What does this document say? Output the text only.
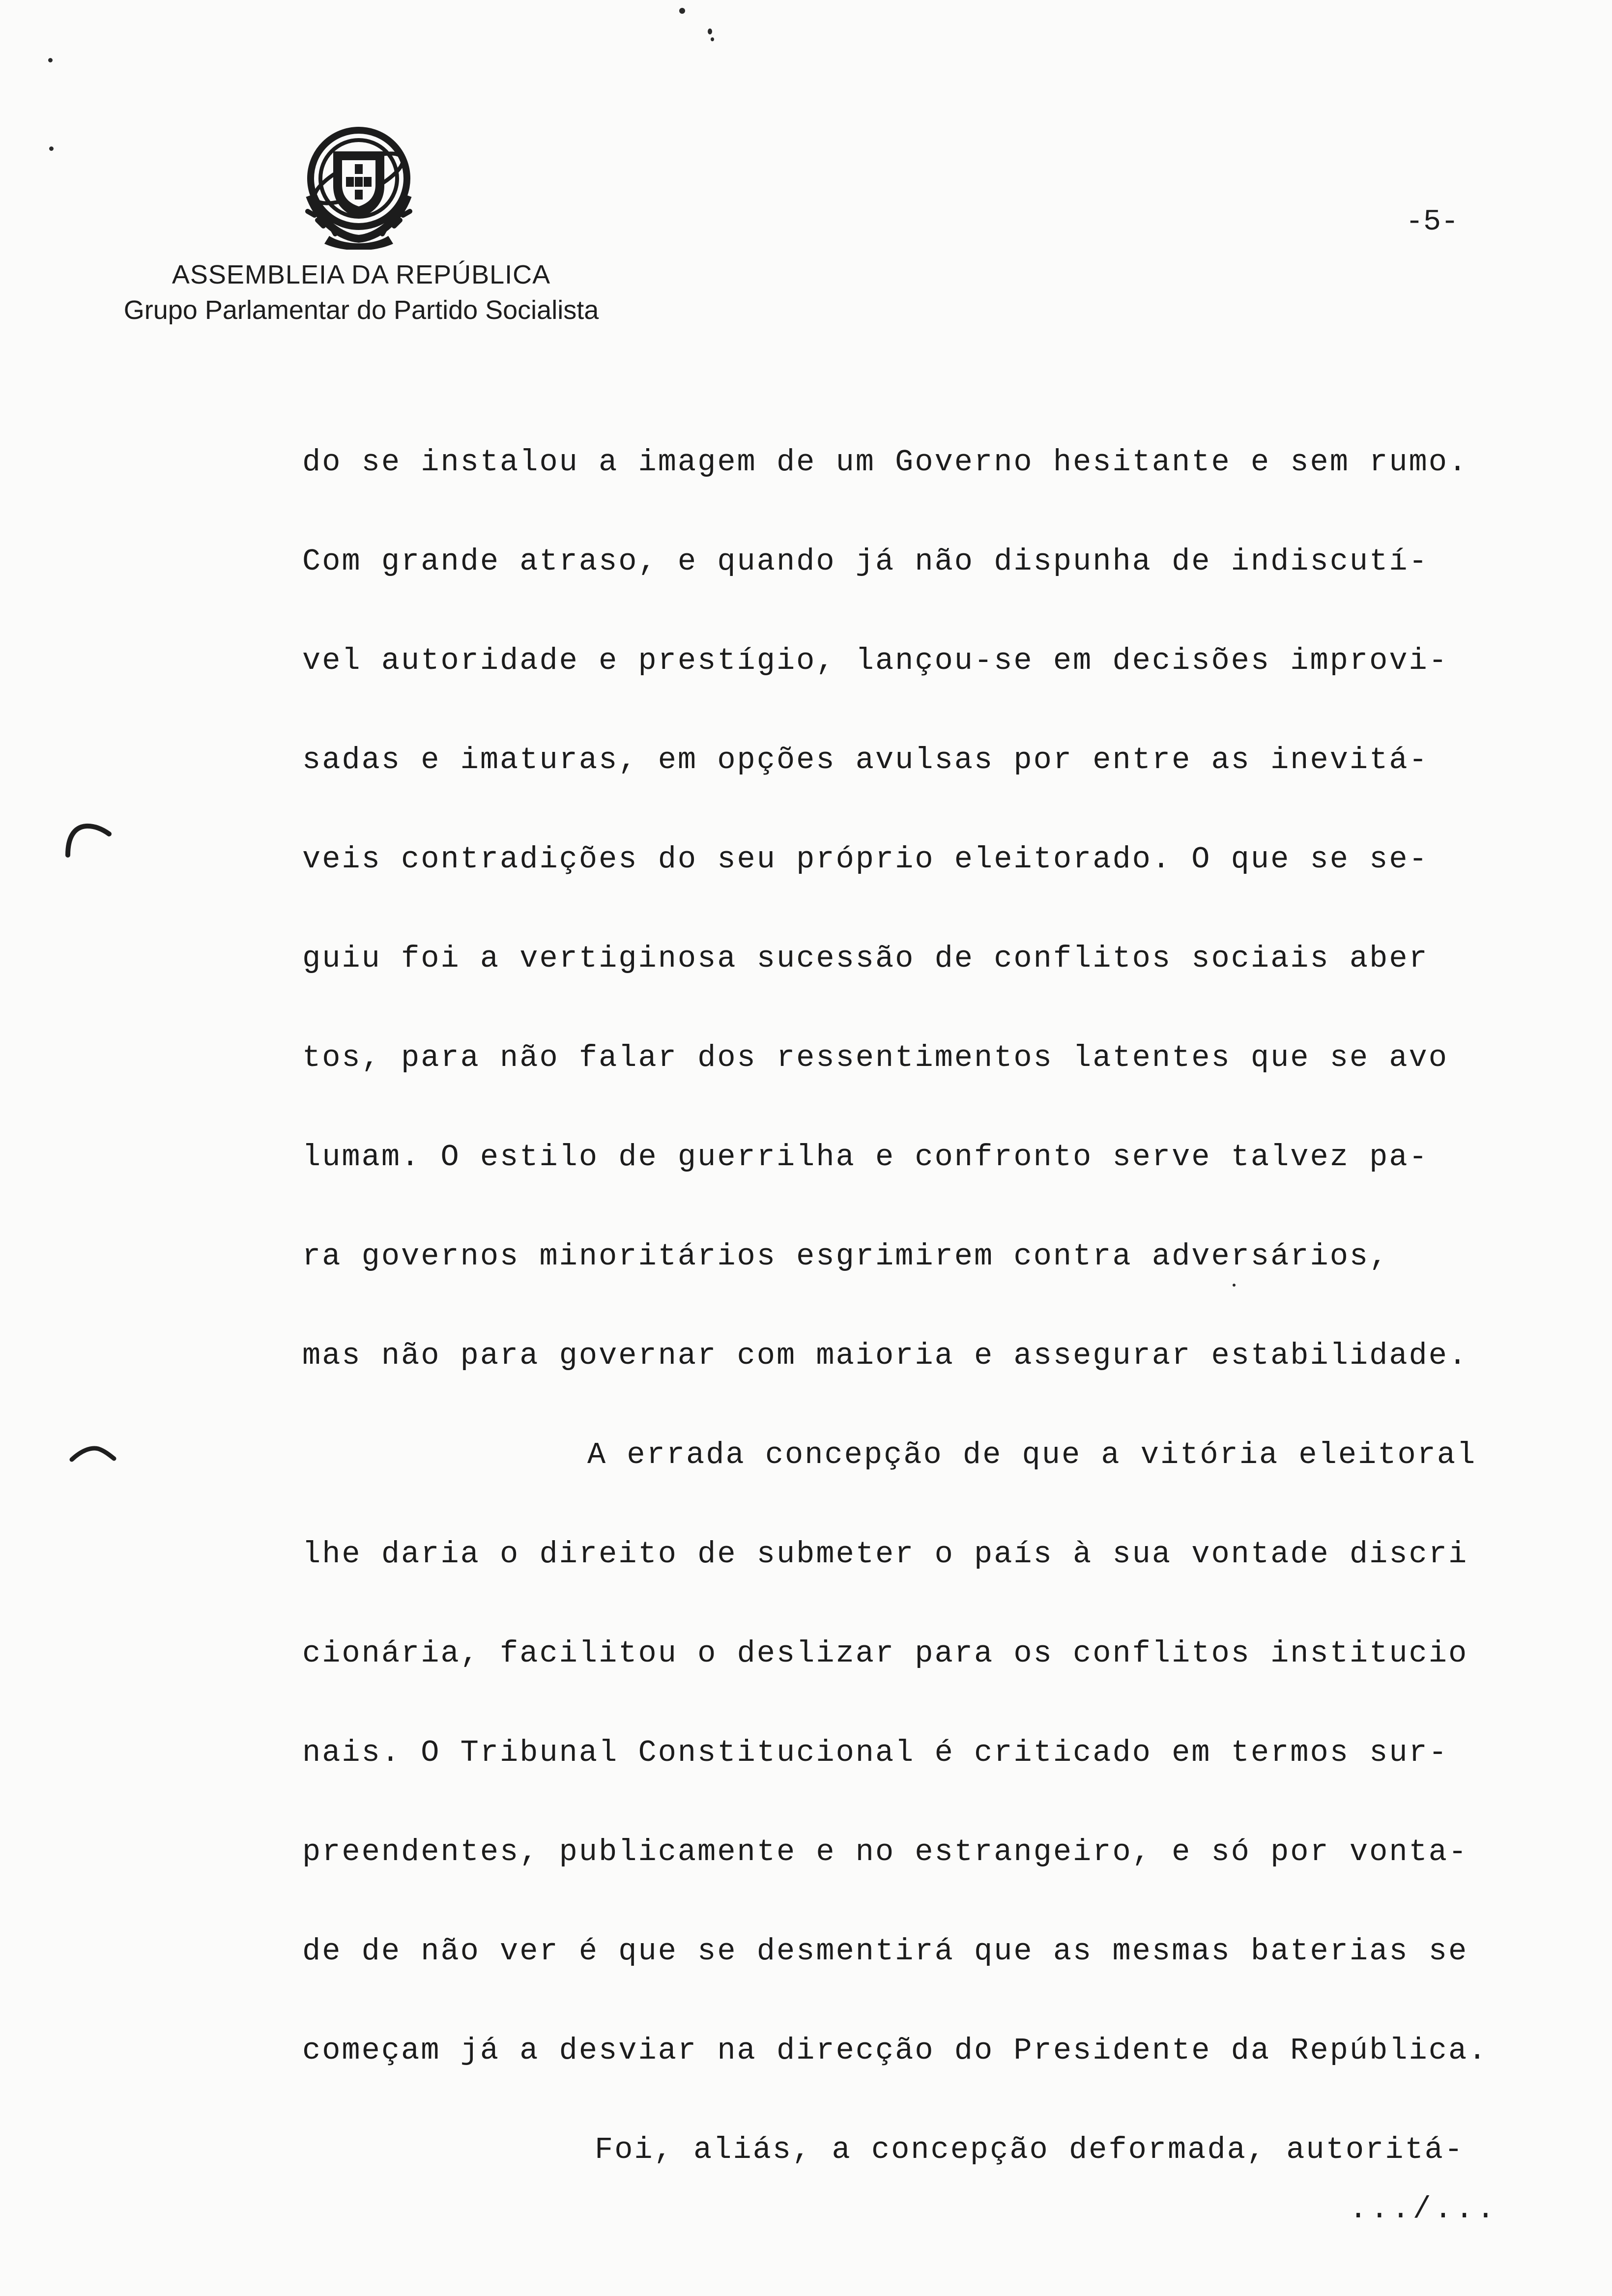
ASSEMBLEIA DA REPÚBLICA
Grupo Parlamentar do Partido Socialista
-5-
do se instalou a imagem de um Governo hesitante e sem rumo.
Com grande atraso, e quando já não dispunha de indiscutí-
vel autoridade e prestígio, lançou-se em decisões improvi-
sadas e imaturas, em opções avulsas por entre as inevitá-
veis contradições do seu próprio eleitorado. O que se se-
guiu foi a vertiginosa sucessão de conflitos sociais aber
tos, para não falar dos ressentimentos latentes que se avo
lumam. O estilo de guerrilha e confronto serve talvez pa-
ra governos minoritários esgrimirem contra adversários,
mas não para governar com maioria e assegurar estabilidade.
A errada concepção de que a vitória eleitoral
lhe daria o direito de submeter o país à sua vontade discri
cionária, facilitou o deslizar para os conflitos institucio
nais. O Tribunal Constitucional é criticado em termos sur-
preendentes, publicamente e no estrangeiro, e só por vonta-
de de não ver é que se desmentirá que as mesmas baterias se
começam já a desviar na direcção do Presidente da República.
Foi, aliás, a concepção deformada, autoritá-
.../...
